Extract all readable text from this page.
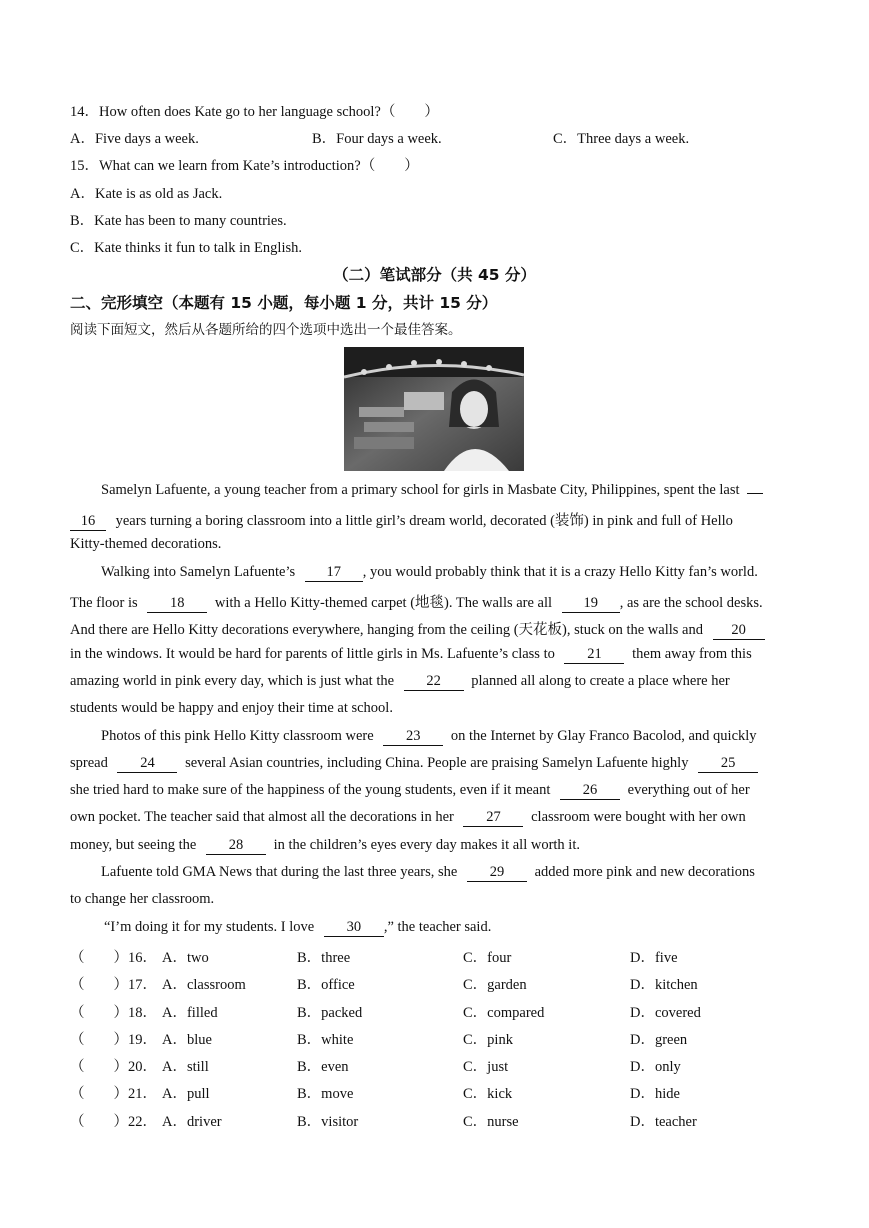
14．How often does Kate go to her language school?（　　）
A．Five days a week.	B．Four days a week.	C．Three days a week.
15．What can we learn from Kate’s introduction?（　　）
A．Kate is as old as Jack.
B．Kate has been to many countries.
C．Kate thinks it fun to talk in English.
（二）笔试部分（共 45 分）
二、完形填空（本题有 15 小题，每小题 1 分，共计 15 分）
阅读下面短文，然后从各题所给的四个选项中选出一个最佳答案。
Samelyn Lafuente, a young teacher from a primary school for girls in Masbate City, Philippines, spent the last
16 years turning a boring classroom into a little girl’s dream world, decorated (装饰) in pink and full of Hello
Kitty-themed decorations.
Walking into Samelyn Lafuente’s 17 , you would probably think that it is a crazy Hello Kitty fan’s world.
The floor is 18 with a Hello Kitty-themed carpet (地毯). The walls are all 19 , as are the school desks.
And there are Hello Kitty decorations everywhere, hanging from the ceiling (天花板), stuck on the walls and 20
in the windows. It would be hard for parents of little girls in Ms. Lafuente’s class to 21 them away from this
amazing world in pink every day, which is just what the 22 planned all along to create a place where her
students would be happy and enjoy their time at school.
Photos of this pink Hello Kitty classroom were 23 on the Internet by Glay Franco Bacolod, and quickly
spread 24 several Asian countries, including China. People are praising Samelyn Lafuente highly 25
she tried hard to make sure of the happiness of the young students, even if it meant 26 everything out of her
own pocket. The teacher said that almost all the decorations in her 27 classroom were bought with her own
money, but seeing the 28 in the children’s eyes every day makes it all worth it.
Lafuente told GMA News that during the last three years, she 29 added more pink and new decorations
to change her classroom.
“I’m doing it for my students. I love 30 ,” the teacher said.
（　　）16． A．two	B．three	C．four	D．five
（　　）17． A．classroom	B．office	C．garden	D．kitchen
（　　）18． A．filled	B．packed	C．compared	D．covered
（　　）19． A．blue	B．white	C．pink	D．green
（　　）20． A．still	B．even	C．just	D．only
（　　）21． A．pull	B．move	C．kick	D．hide
（　　）22． A．driver	B．visitor	C．nurse	D．teacher
